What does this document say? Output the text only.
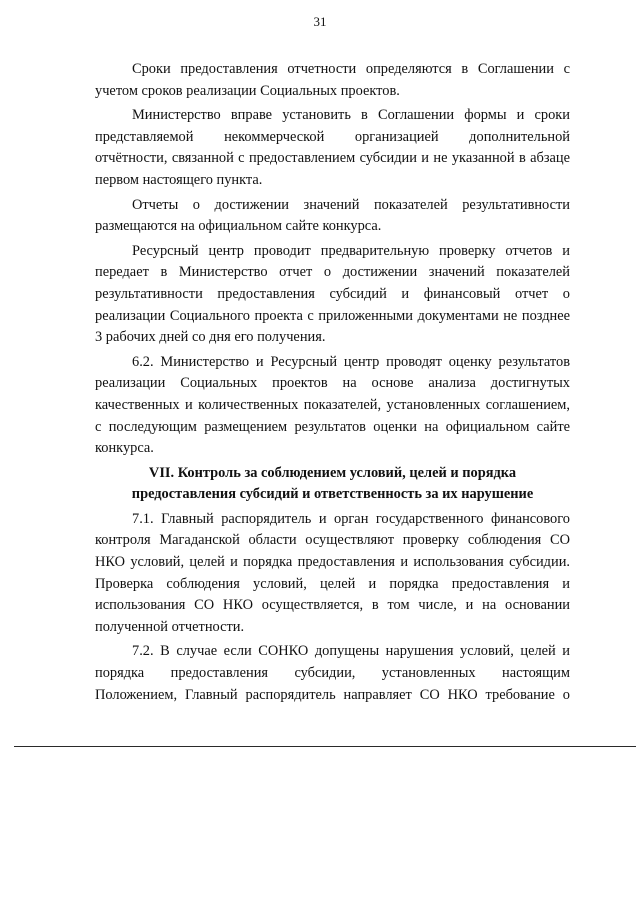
31
Сроки предоставления отчетности определяются в Соглашении с
учетом сроков реализации Социальных проектов.
Министерство вправе установить в Соглашении формы и сроки
представляемой некоммерческой организацией дополнительной
отчётности, связанной с предоставлением субсидии и не указанной в абзаце
первом настоящего пункта.
Отчеты о достижении значений показателей результативности
размещаются на официальном сайте конкурса.
Ресурсный центр проводит предварительную проверку отчетов и
передает в Министерство отчет о достижении значений показателей
результативности предоставления субсидий и финансовый отчет о
реализации Социального проекта с приложенными документами не позднее
3 рабочих дней со дня его получения.
6.2. Министерство и Ресурсный центр проводят оценку результатов
реализации Социальных проектов на основе анализа достигнутых
качественных и количественных показателей, установленных соглашением,
с последующим размещением результатов оценки на официальном сайте
конкурса.
VII. Контроль за соблюдением условий, целей и порядка
предоставления субсидий и ответственность за их нарушение
7.1. Главный распорядитель и орган государственного финансового
контроля Магаданской области осуществляют проверку соблюдения СО
НКО условий, целей и порядка предоставления и использования субсидии.
Проверка соблюдения условий, целей и порядка предоставления и
использования СО НКО осуществляется, в том числе, и на основании
полученной отчетности.
7.2. В случае если СОНКО допущены нарушения условий, целей и
порядка предоставления субсидии, установленных настоящим
Положением, Главный распорядитель направляет СО НКО требование о
